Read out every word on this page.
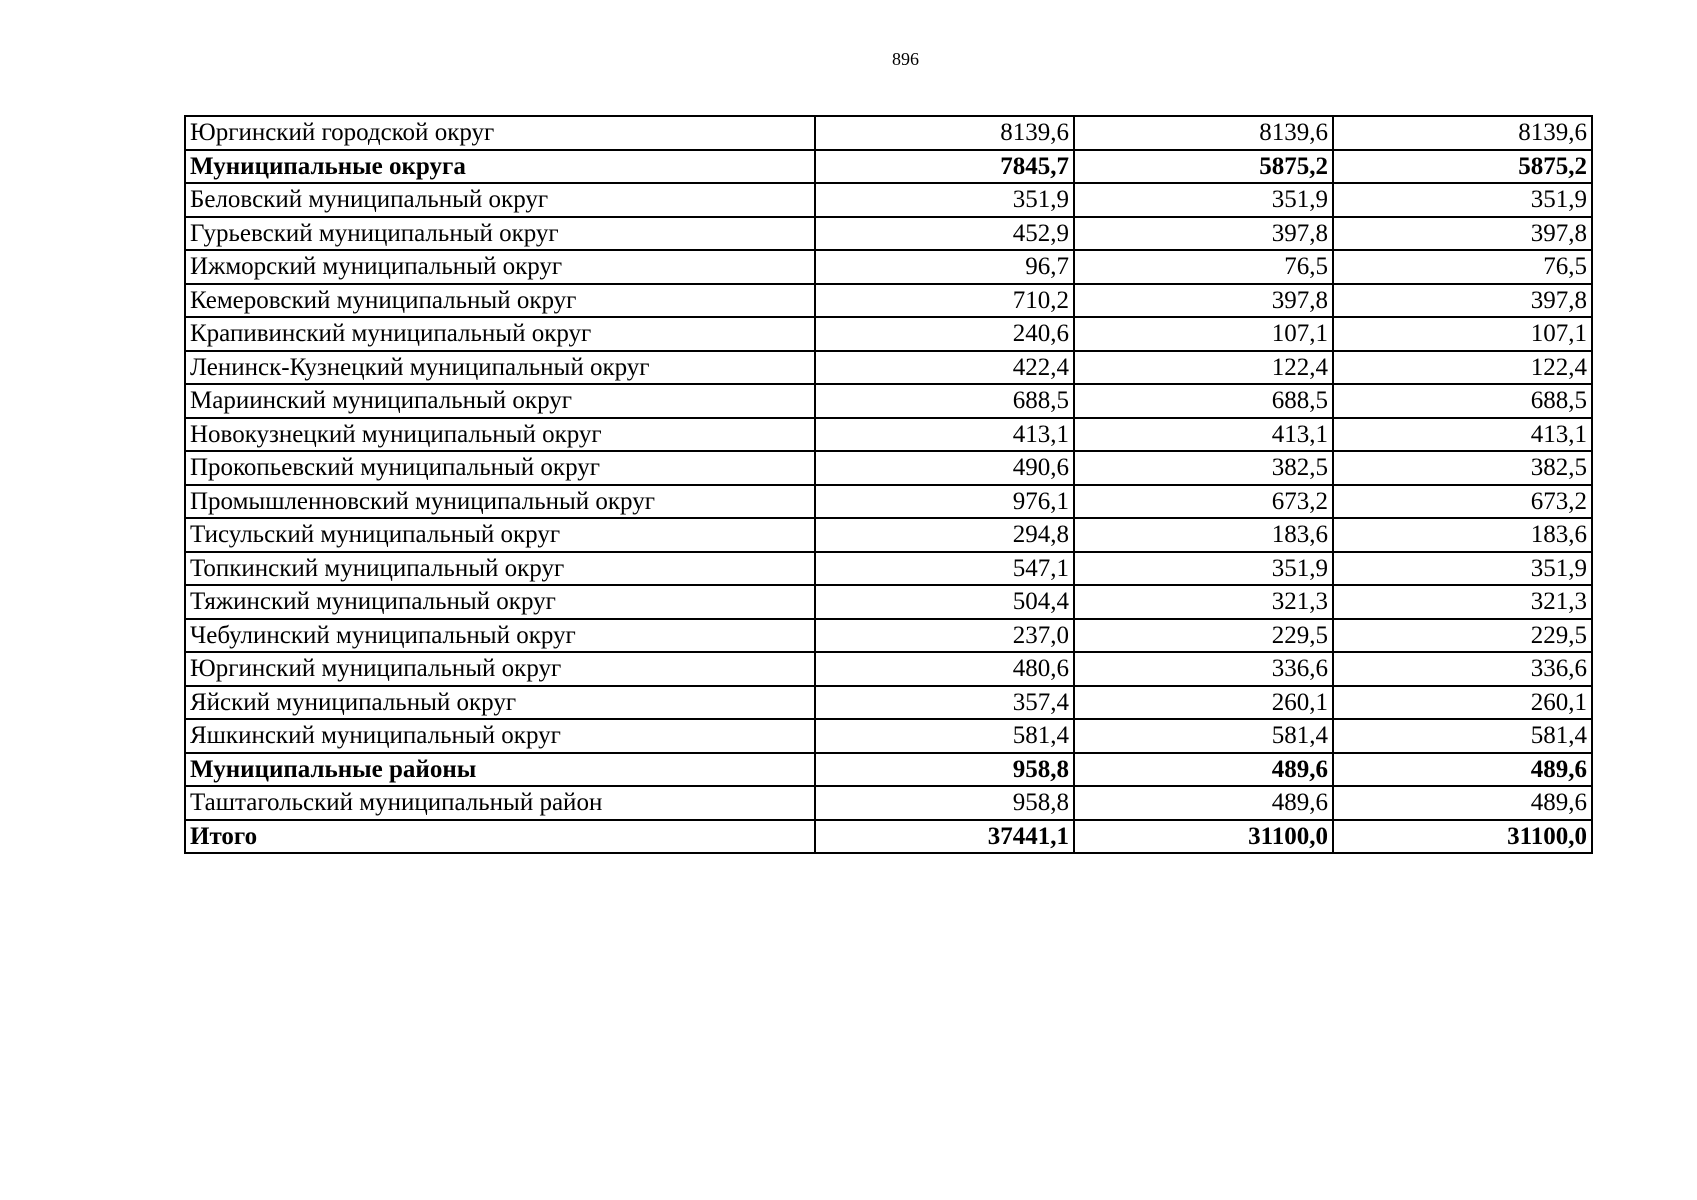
896
Юргинский городской округ	8139,6	8139,6	8139,6
Муниципальные округа	7845,7	5875,2	5875,2
Беловский муниципальный округ	351,9	351,9	351,9
Гурьевский муниципальный округ	452,9	397,8	397,8
Ижморский муниципальный округ	96,7	76,5	76,5
Кемеровский муниципальный округ	710,2	397,8	397,8
Крапивинский муниципальный округ	240,6	107,1	107,1
Ленинск-Кузнецкий муниципальный округ	422,4	122,4	122,4
Мариинский муниципальный округ	688,5	688,5	688,5
Новокузнецкий муниципальный округ	413,1	413,1	413,1
Прокопьевский муниципальный округ	490,6	382,5	382,5
Промышленновский муниципальный округ	976,1	673,2	673,2
Тисульский муниципальный округ	294,8	183,6	183,6
Топкинский муниципальный округ	547,1	351,9	351,9
Тяжинский муниципальный округ	504,4	321,3	321,3
Чебулинский муниципальный округ	237,0	229,5	229,5
Юргинский муниципальный округ	480,6	336,6	336,6
Яйский муниципальный округ	357,4	260,1	260,1
Яшкинский муниципальный округ	581,4	581,4	581,4
Муниципальные районы	958,8	489,6	489,6
Таштагольский муниципальный район	958,8	489,6	489,6
Итого	37441,1	31100,0	31100,0
